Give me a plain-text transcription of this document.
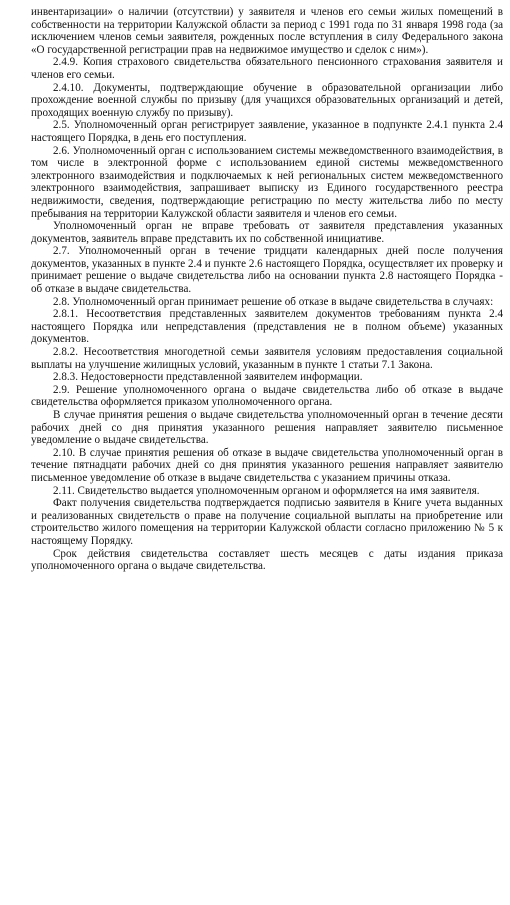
инвентаризации» о наличии (отсутствии) у заявителя и членов его семьи жилых помещений в собственности на территории Калужской области за период с 1991 года по 31 января 1998 года (за исключением членов семьи заявителя, рожденных после вступления в силу Федерального закона «О государственной регистрации прав на недвижимое имущество и сделок с ним»).

2.4.9. Копия страхового свидетельства обязательного пенсионного страхования заявителя и членов его семьи.

2.4.10. Документы, подтверждающие обучение в образовательной организации либо прохождение военной службы по призыву (для учащихся образовательных организаций и детей, проходящих военную службу по призыву).

2.5. Уполномоченный орган регистрирует заявление, указанное в подпункте 2.4.1 пункта 2.4 настоящего Порядка, в день его поступления.

2.6. Уполномоченный орган с использованием системы межведомственного взаимодействия, в том числе в электронной форме с использованием единой системы межведомственного электронного взаимодействия и подключаемых к ней региональных систем межведомственного электронного взаимодействия, запрашивает выписку из Единого государственного реестра недвижимости, сведения, подтверждающие регистрацию по месту жительства либо по месту пребывания на территории Калужской области заявителя и членов его семьи.

Уполномоченный орган не вправе требовать от заявителя представления указанных документов, заявитель вправе представить их по собственной инициативе.

2.7. Уполномоченный орган в течение тридцати календарных дней после получения документов, указанных в пункте 2.4 и пункте 2.6 настоящего Порядка, осуществляет их проверку и принимает решение о выдаче свидетельства либо на основании пункта 2.8 настоящего Порядка - об отказе в выдаче свидетельства.

2.8. Уполномоченный орган принимает решение об отказе в выдаче свидетельства в случаях:

2.8.1. Несоответствия представленных заявителем документов требованиям пункта 2.4 настоящего Порядка или непредставления (представления не в полном объеме) указанных документов.

2.8.2. Несоответствия многодетной семьи заявителя условиям предоставления социальной выплаты на улучшение жилищных условий, указанным в пункте 1 статьи 7.1 Закона.

2.8.3. Недостоверности представленной заявителем информации.

2.9. Решение уполномоченного органа о выдаче свидетельства либо об отказе в выдаче свидетельства оформляется приказом уполномоченного органа.

В случае принятия решения о выдаче свидетельства уполномоченный орган в течение десяти рабочих дней со дня принятия указанного решения направляет заявителю письменное уведомление о выдаче свидетельства.

2.10. В случае принятия решения об отказе в выдаче свидетельства уполномоченный орган в течение пятнадцати рабочих дней со дня принятия указанного решения направляет заявителю письменное уведомление об отказе в выдаче свидетельства с указанием причины отказа.

2.11. Свидетельство выдается уполномоченным органом и оформляется на имя заявителя.

Факт получения свидетельства подтверждается подписью заявителя в Книге учета выданных и реализованных свидетельств о праве на получение социальной выплаты на приобретение или строительство жилого помещения на территории Калужской области согласно приложению № 5 к настоящему Порядку.

Срок действия свидетельства составляет шесть месяцев с даты издания приказа уполномоченного органа о выдаче свидетельства.
